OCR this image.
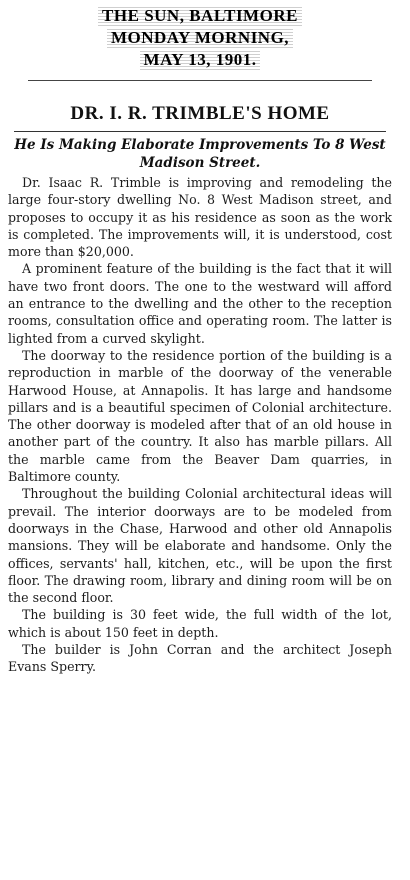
THE SUN, BALTIMORE
MONDAY MORNING,
MAY 13, 1901.
DR. I. R. TRIMBLE'S HOME
He Is Making Elaborate Improvements To 8 West Madison Street.

Dr. Isaac R. Trimble is improving and remodeling the large four-story dwelling No. 8 West Madison street, and proposes to occupy it as his residence as soon as the work is completed. The improvements will, it is understood, cost more than $20,000.

A prominent feature of the building is the fact that it will have two front doors. The one to the westward will afford an entrance to the dwelling and the other to the reception rooms, consultation office and operating room. The latter is lighted from a curved skylight.

The doorway to the residence portion of the building is a reproduction in marble of the doorway of the venerable Harwood House, at Annapolis. It has large and handsome pillars and is a beautiful specimen of Colonial architecture. The other doorway is modeled after that of an old house in another part of the country. It also has marble pillars. All the marble came from the Beaver Dam quarries, in Baltimore county.

Throughout the building Colonial architectural ideas will prevail. The interior doorways are to be modeled from doorways in the Chase, Harwood and other old Annapolis mansions. They will be elaborate and handsome. Only the offices, servants' hall, kitchen, etc., will be upon the first floor. The drawing room, library and dining room will be on the second floor.

The building is 30 feet wide, the full width of the lot, which is about 150 feet in depth.

The builder is John Corran and the architect Joseph Evans Sperry.
